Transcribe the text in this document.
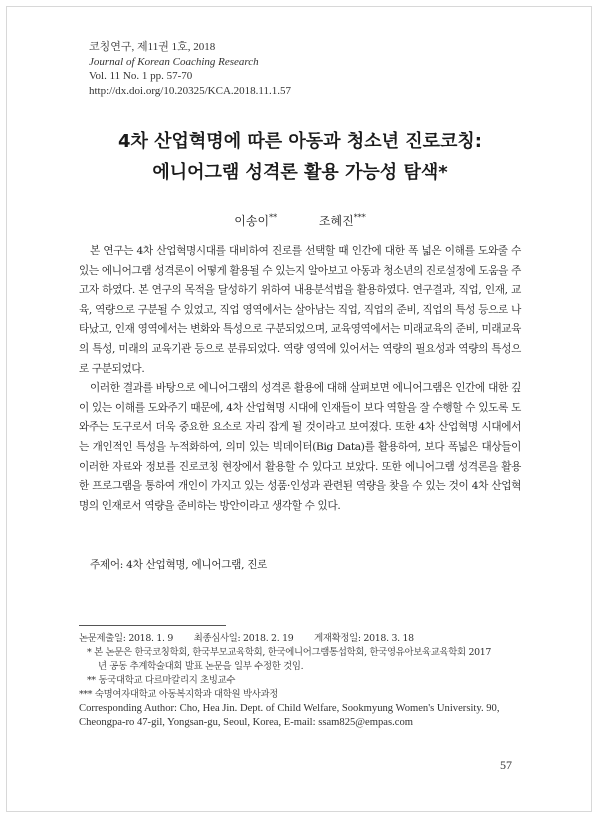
코칭연구, 제11권 1호, 2018
Journal of Korean Coaching Research
Vol. 11 No. 1 pp. 57-70
http://dx.doi.org/10.20325/KCA.2018.11.1.57
4차 산업혁명에 따른 아동과 청소년 진로코칭:
에니어그램 성격론 활용 가능성 탐색*
이송이**	조혜진***

본 연구는 4차 산업혁명시대를 대비하여 진로를 선택할 때 인간에 대한 폭 넓은 이해를 도와줄 수 있는 에니어그램 성격론이 어떻게 활용될 수 있는지 알아보고 아동과 청소년의 진로설정에 도움을 주고자 하였다. 본 연구의 목적을 달성하기 위하여 내용분석법을 활용하였다. 연구결과, 직업, 인재, 교육, 역량으로 구분될 수 있었고, 직업 영역에서는 살아남는 직업, 직업의 준비, 직업의 특성 등으로 나타났고, 인재 영역에서는 변화와 특성으로 구분되었으며, 교육영역에서는 미래교육의 준비, 미래교육의 특성, 미래의 교육기관 등으로 분류되었다. 역량 영역에 있어서는 역량의 필요성과 역량의 특성으로 구분되었다.

이러한 결과를 바탕으로 에니어그램의 성격론 활용에 대해 살펴보면 에니어그램은 인간에 대한 깊이 있는 이해를 도와주기 때문에, 4차 산업혁명 시대에 인재들이 보다 역할을 잘 수행할 수 있도록 도와주는 도구로서 더욱 중요한 요소로 자리 잡게 될 것이라고 보여졌다. 또한 4차 산업혁명 시대에서는 개인적인 특성을 누적화하여, 의미 있는 빅데이터(Big Data)를 활용하여, 보다 폭넓은 대상들이 이러한 자료와 정보를 진로코칭 현장에서 활용할 수 있다고 보았다. 또한 에니어그램 성격론을 활용한 프로그램을 통하여 개인이 가지고 있는 성품·인성과 관련된 역량을 찾을 수 있는 것이 4차 산업혁명의 인재로서 역량을 준비하는 방안이라고 생각할 수 있다.

주제어: 4차 산업혁명, 에니어그램, 진로
논문제출일: 2018. 1. 9 최종심사일: 2018. 2. 19 게재확정일: 2018. 3. 18
* 본 논문은 한국코칭학회, 한국부모교육학회, 한국에니어그램통섭학회, 한국영유아보육교육학회 2017
년 공동 추계학술대회 발표 논문을 일부 수정한 것임.
** 동국대학교 다르마칼리지 초빙교수
*** 숙명여자대학교 아동복지학과 대학원 박사과정
Corresponding Author: Cho, Hea Jin. Dept. of Child Welfare, Sookmyung Women's University. 90,
Cheongpa-ro 47-gil, Yongsan-gu, Seoul, Korea, E-mail: ssam825@empas.com
57
